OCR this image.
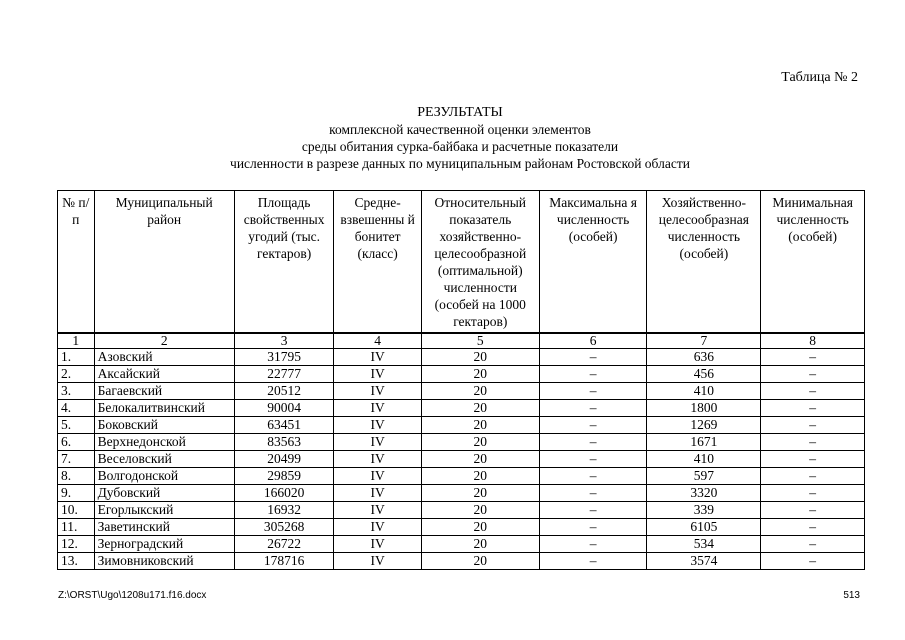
Таблица № 2
РЕЗУЛЬТАТЫ
комплексной качественной оценки элементов
среды обитания сурка-байбака и расчетные показатели
численности в разрезе данных по муниципальным районам Ростовской области
№ п/п	Муниципальный район	Площадь свойственных угодий (тыс. гектаров)	Средне-взвешенны й бонитет (класс)	Относительный показатель хозяйственно-целесообразной (оптимальной) численности (особей на 1000 гектаров)	Максимальна я численность (особей)	Хозяйственно-целесообразная численность (особей)	Минимальная численность (особей)
1	2	3	4	5	6	7	8
1.	Азовский	31795	IV	20	–	636	–
2.	Аксайский	22777	IV	20	–	456	–
3.	Багаевский	20512	IV	20	–	410	–
4.	Белокалитвинский	90004	IV	20	–	1800	–
5.	Боковский	63451	IV	20	–	1269	–
6.	Верхнедонской	83563	IV	20	–	1671	–
7.	Веселовский	20499	IV	20	–	410	–
8.	Волгодонской	29859	IV	20	–	597	–
9.	Дубовский	166020	IV	20	–	3320	–
10.	Егорлыкский	16932	IV	20	–	339	–
11.	Заветинский	305268	IV	20	–	6105	–
12.	Зерноградский	26722	IV	20	–	534	–
13.	Зимовниковский	178716	IV	20	–	3574	–
Z:\ORST\Ugo\1208u171.f16.docx	513
